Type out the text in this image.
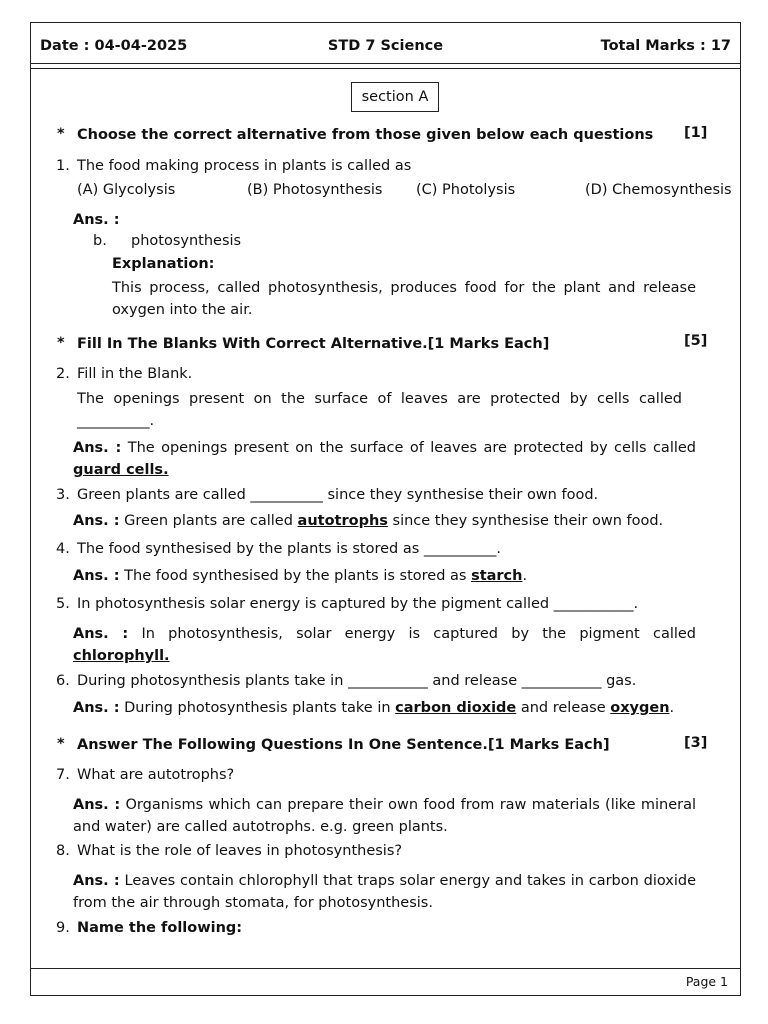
Date : 04-04-2025	STD 7 Science	Total Marks : 17
section A
* Choose the correct alternative from those given below each questions [1]
1. The food making process in plants is called as
(A) Glycolysis	(B) Photosynthesis (C) Photolysis	(D) Chemosynthesis
Ans. :
b. photosynthesis
Explanation:
This process, called photosynthesis, produces food for the plant and release oxygen into the air.
* Fill In The Blanks With Correct Alternative.[1 Marks Each]	[5]
2. Fill in the Blank.
The openings present on the surface of leaves are protected by cells called __________.
Ans. : The openings present on the surface of leaves are protected by cells called guard cells.
3. Green plants are called __________ since they synthesise their own food.
Ans. : Green plants are called autotrophs since they synthesise their own food.
4. The food synthesised by the plants is stored as __________.
Ans. : The food synthesised by the plants is stored as starch.
5. In photosynthesis solar energy is captured by the pigment called ___________.
Ans. : In photosynthesis, solar energy is captured by the pigment called chlorophyll.
6. During photosynthesis plants take in ___________ and release ___________ gas.
Ans. : During photosynthesis plants take in carbon dioxide and release oxygen.
* Answer The Following Questions In One Sentence.[1 Marks Each]	[3]
7. What are autotrophs?
Ans. : Organisms which can prepare their own food from raw materials (like mineral and water) are called autotrophs. e.g. green plants.
8. What is the role of leaves in photosynthesis?
Ans. : Leaves contain chlorophyll that traps solar energy and takes in carbon dioxide from the air through stomata, for photosynthesis.
9. Name the following:
Page 1
